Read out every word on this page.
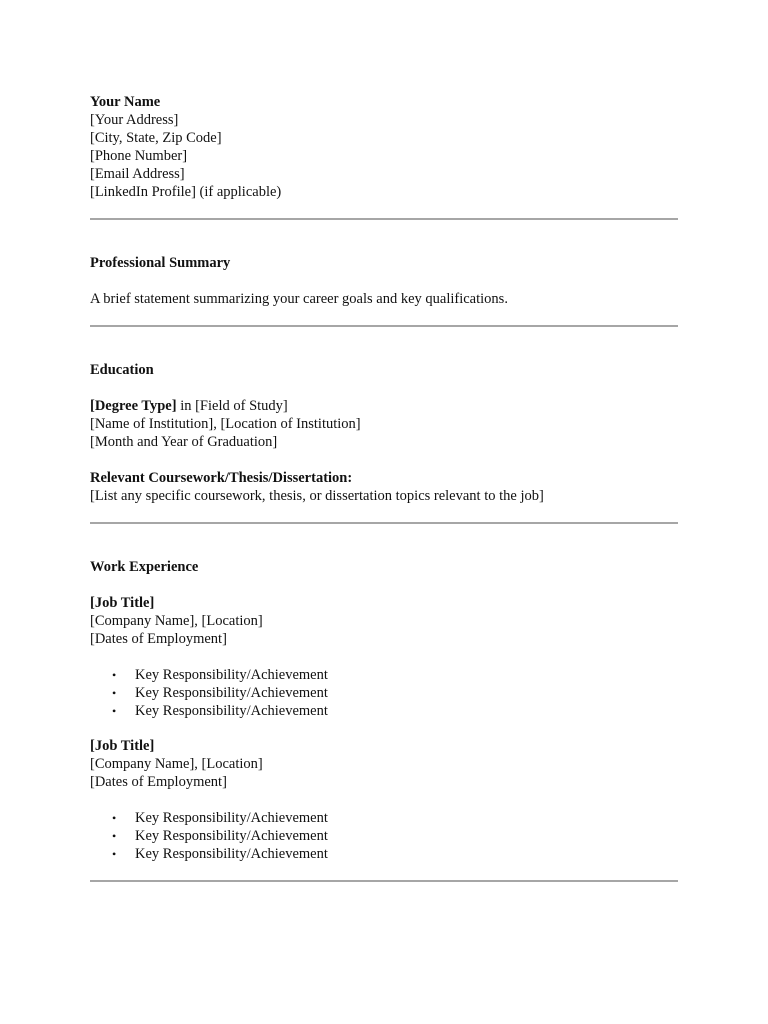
Your Name
[Your Address]
[City, State, Zip Code]
[Phone Number]
[Email Address]
[LinkedIn Profile] (if applicable)
Professional Summary
A brief statement summarizing your career goals and key qualifications.
Education
[Degree Type] in [Field of Study]
[Name of Institution], [Location of Institution]
[Month and Year of Graduation]
Relevant Coursework/Thesis/Dissertation:
[List any specific coursework, thesis, or dissertation topics relevant to the job]
Work Experience
[Job Title]
[Company Name], [Location]
[Dates of Employment]
•	Key Responsibility/Achievement
•	Key Responsibility/Achievement
•	Key Responsibility/Achievement
[Job Title]
[Company Name], [Location]
[Dates of Employment]
•	Key Responsibility/Achievement
•	Key Responsibility/Achievement
•	Key Responsibility/Achievement
